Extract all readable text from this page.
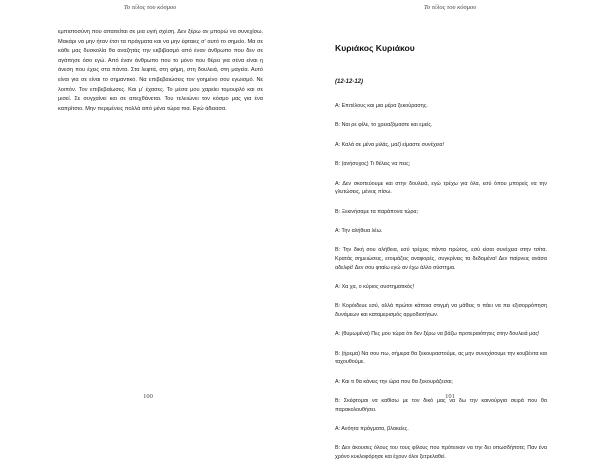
Το τέλος του κόσμου
εμπιστοσύνη που απαιτείται σε μια υγιή σχέση. Δεν ξέρω αν μπορώ να συνεχίσω. Μακάρι να μην ήταν έτσι τα πράγματα και να μην έφταιες σ' αυτό το σημείο. Μα σε κάθε μας δυσκολία θα αναζητάς την εκβιβασμό από έναν άνθρωπο που δεν σε αγάπησε όσο εγώ. Από έναν άνθρωπο που το μόνο που θέρει για σένα είναι η άνεση που έχεις στα πάντα. Στα λεφτά, στη φήμη, στη δουλειά, στη μαγεία. Αυτό είναι για σε είναι το σημαντικό. Να επιβεβαιώσεις τον γοημένο σου εγωισμό. Νε λοιπόν. Τον επιβεβαίωσες. Και μ' έχασες. Το μέσα μου χαρείει τομουρλό και σε μισεί. Σε συγχαίνει και σε απεχθάνεται. Του τελειώνει τον κόσμο μας για ένα καπρίτσιο. Μην περιμένεις πολλά από μένα τώρα πια. Εγώ άδειασα.
100
Το τέλος του κόσμου
Κυριάκος Κυριάκου
(12-12-12)

Α: Επιτέλους και μια μέρα ξεκούρασης.

Β: Ναι ρε φίλε, το χρειαζόμαστε και εμείς.

Α: Καλά σε μένα μιλάς, μαζί είμαστε συνέχεια!

Β: (ανήσυχος) Τι θέλεις να πεις;

Α: Δεν σκοπεύουμε και στην δουλειά, εγώ τρέχω για όλα, εσύ όπου μπορείς να την γλυτώσεις, μένεις πίσω.

Β: Ξεκινήσαμε τα παράπονα τώρα;

Α: Την αλήθεια λέω.

Β: Την δική σου αλήθεια, εσύ τρέχεις πάντα πρώτος, εσύ είσαι συνέχεια στην τσίτα. Κρατάς σημειώσεις, ετοιμάζεις αναφορές, συγκρίνεις τα δεδομένα! Δεν παίρνεις ανάσα αδελφέ! Δεν σου φταίω εγώ αν έχω άλλο σύστημα.

Α: Χα χα, ο κύριος συστηματικός!

Β: Κορόιδευε εσύ, αλλά πρώτοι κάποια στιγμή να μάθεις τι πάει να πει εξισορρόπηση δυνάμεων και καταμερισμός αρμοδιοτήτων.

Α: (θυμωμένα) Πες μου τώρα ότι δεν ξέρω να βάζω προτεραιότητες στην δουλειά μας!

Β: (ήρεμα) Να σου πω, σήμερα θα ξεκουραστούμε, ας μην συνεχίσουμε την κουβέντα και ταχουθούμε.

Α: Και τι θα κάνεις την ώρα που θα ξεκουράζεσαι;

Β: Σκέφτομαι να καθίσω με τον δικό μας να δω την καινούργια σειρά που θα παρακολουθήσει.

Α: Ανόητα πράγματα, βλακείες.

Β: Δεν άκουσες όλους του τους φίλους που πρότειναν να την δει οπωσδήποτε; Παν ένα χρόνο κυκλοφόρησε και έχουν όλοι ξετρελαθεί.

101
